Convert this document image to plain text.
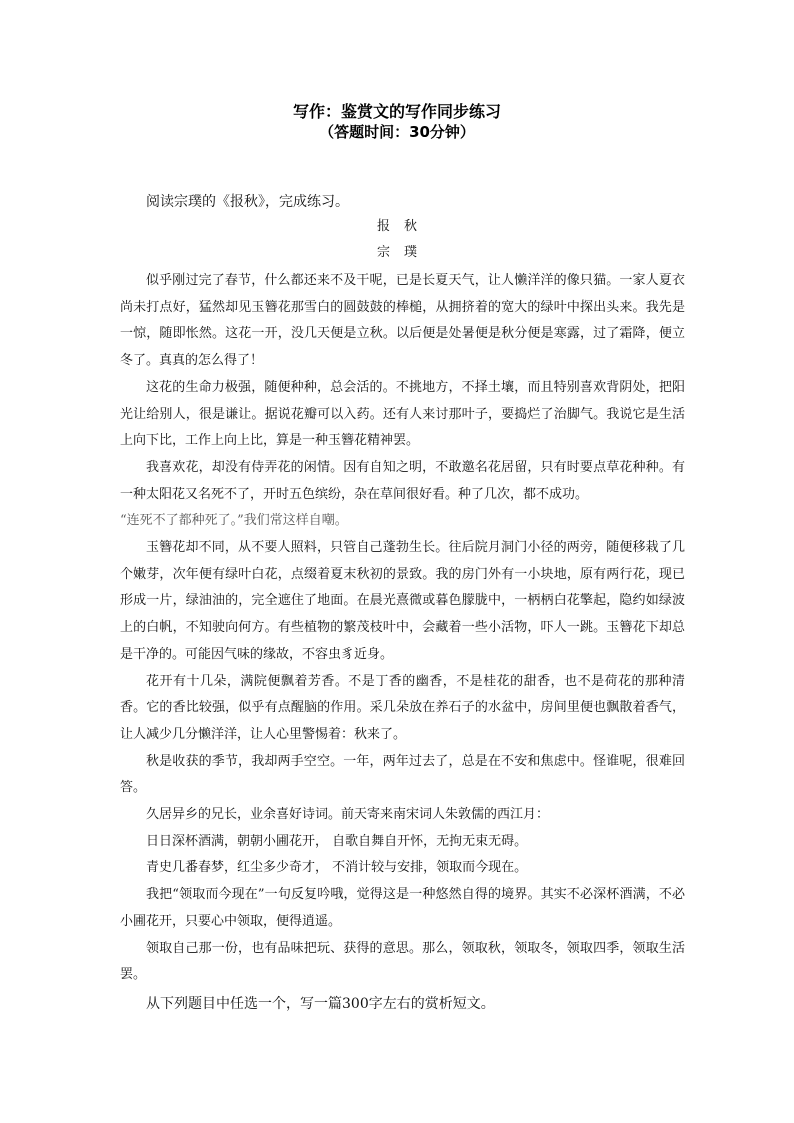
写作：鉴赏文的写作同步练习
（答题时间：30分钟）
阅读宗璞的《报秋》，完成练习。
报秋
宗璞

似乎刚过完了春节，什么都还来不及干呢，已是长夏天气，让人懒洋洋的像只猫。一家人夏衣尚未打点好，猛然却见玉簪花那雪白的圆鼓鼓的棒槌，从拥挤着的宽大的绿叶中探出头来。我先是一惊，随即怅然。这花一开，没几天便是立秋。以后便是处暑便是秋分便是寒露，过了霜降，便立冬了。真真的怎么得了！

这花的生命力极强，随便种种，总会活的。不挑地方，不择土壤，而且特别喜欢背阴处，把阳光让给别人，很是谦让。据说花瓣可以入药。还有人来讨那叶子，要捣烂了治脚气。我说它是生活上向下比，工作上向上比，算是一种玉簪花精神罢。

我喜欢花，却没有侍弄花的闲情。因有自知之明，不敢邀名花居留，只有时要点草花种种。有一种太阳花又名死不了，开时五色缤纷，杂在草间很好看。种了几次，都不成功。

“连死不了都种死了。”我们常这样自嘲。

玉簪花却不同，从不要人照料，只管自己蓬勃生长。往后院月洞门小径的两旁，随便移栽了几个嫩芽，次年便有绿叶白花，点缀着夏末秋初的景致。我的房门外有一小块地，原有两行花，现已形成一片，绿油油的，完全遮住了地面。在晨光熹微或暮色朦胧中，一柄柄白花擎起，隐约如绿波上的白帆，不知驶向何方。有些植物的繁茂枝叶中，会藏着一些小活物，吓人一跳。玉簪花下却总是干净的。可能因气味的缘故，不容虫豸近身。

花开有十几朵，满院便飘着芳香。不是丁香的幽香，不是桂花的甜香，也不是荷花的那种清香。它的香比较强，似乎有点醒脑的作用。采几朵放在养石子的水盆中，房间里便也飘散着香气，让人减少几分懒洋洋，让人心里警惕着：秋来了。

秋是收获的季节，我却两手空空。一年，两年过去了，总是在不安和焦虑中。怪谁呢，很难回答。

久居异乡的兄长，业余喜好诗词。前天寄来南宋词人朱敦儒的西江月：

日日深杯酒满，朝朝小圃花开， 自歌自舞自开怀，无拘无束无碍。

青史几番春梦，红尘多少奇才， 不消计较与安排，领取而今现在。

我把“领取而今现在”一句反复吟哦，觉得这是一种悠然自得的境界。其实不必深杯酒满，不必小圃花开，只要心中领取，便得逍遥。

领取自己那一份，也有品味把玩、获得的意思。那么，领取秋，领取冬，领取四季，领取生活罢。

从下列题目中任选一个，写一篇300字左右的赏析短文。
